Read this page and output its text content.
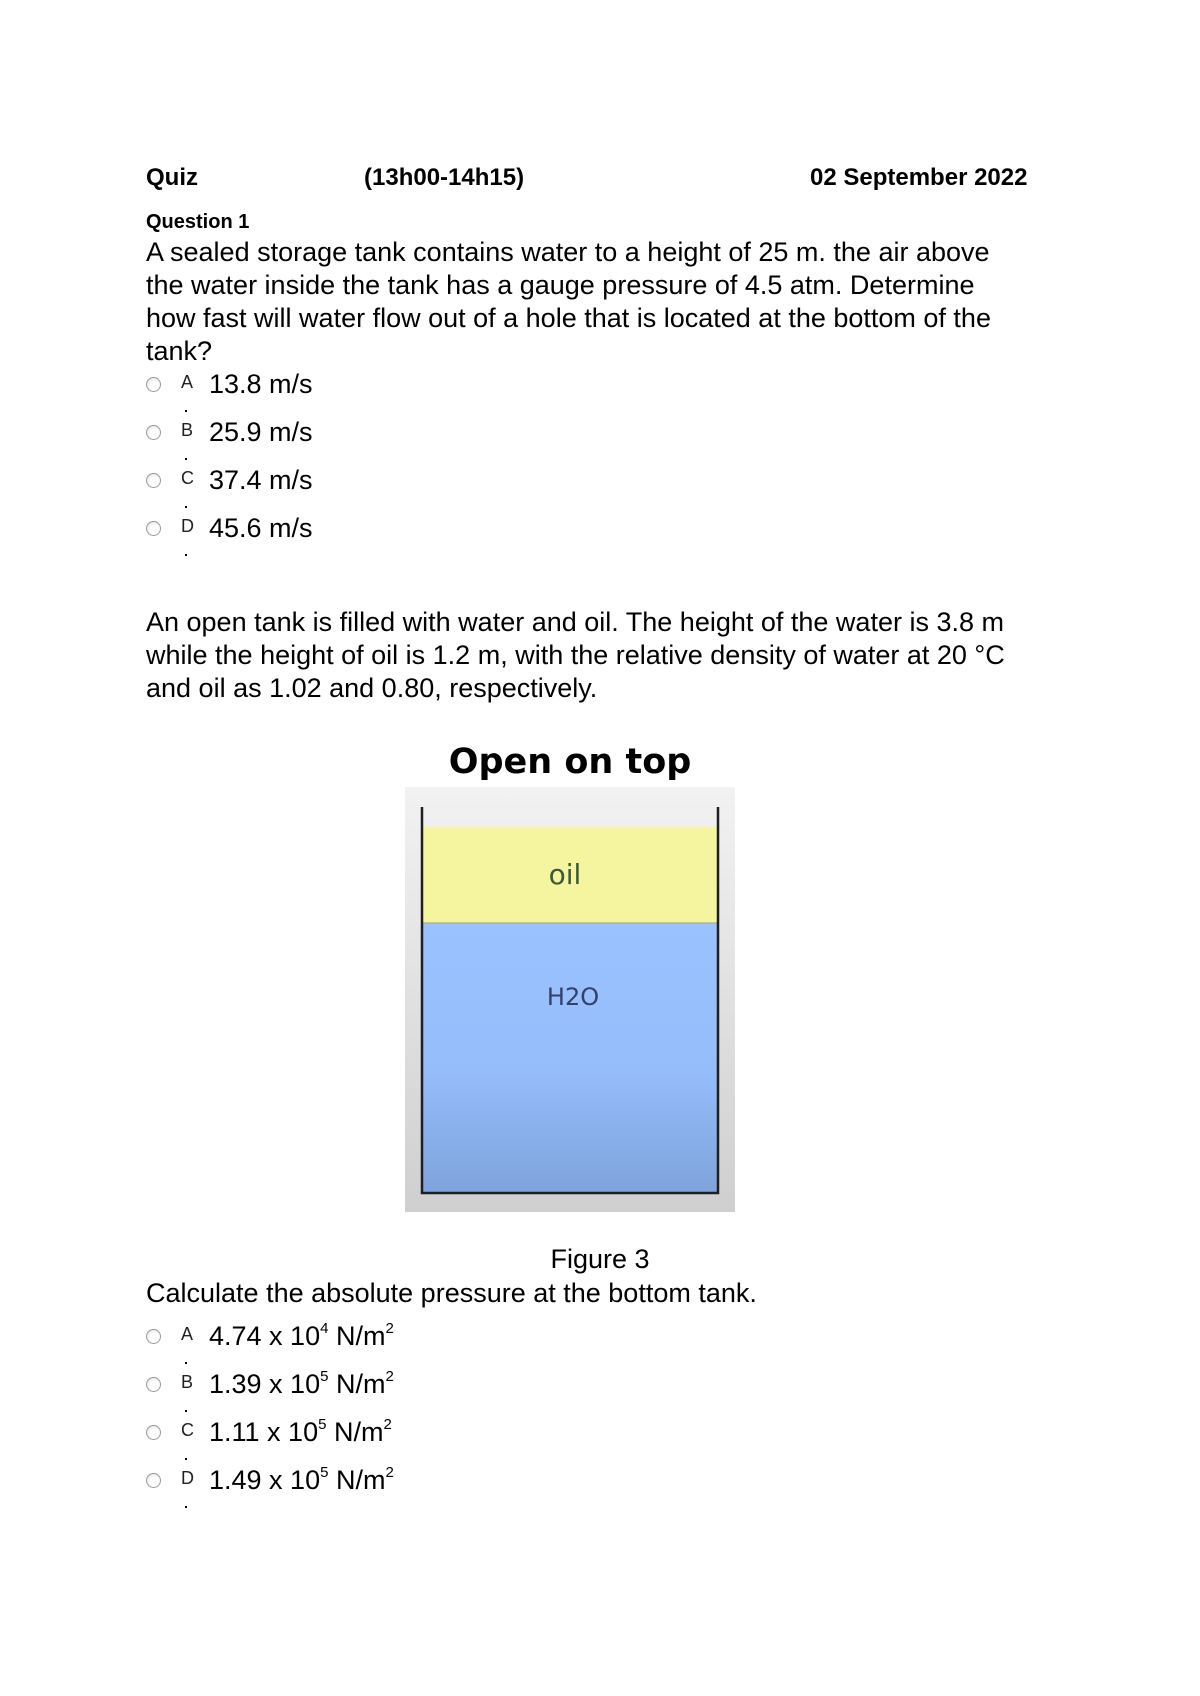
Quiz	(13h00-14h15)	02 September 2022
Question 1
A sealed storage tank contains water to a height of 25 m. the air above
the water inside the tank has a gauge pressure of 4.5 atm. Determine
how fast will water flow out of a hole that is located at the bottom of the
tank?
A 13.8 m/s
B 25.9 m/s
C 37.4 m/s
D 45.6 m/s
An open tank is filled with water and oil. The height of the water is 3.8 m
while the height of oil is 1.2 m, with the relative density of water at 20 °C
and oil as 1.02 and 0.80, respectively.
Open on top
oil
H2O
Figure 3
Calculate the absolute pressure at the bottom tank.
A 4.74 x $10^4$ $N/m^2$
B 1.39 x $10^5$ $N/m^2$
C 1.11 x $10^5$ $N/m^2$
D 1.49 x $10^5$ $N/m^2$
